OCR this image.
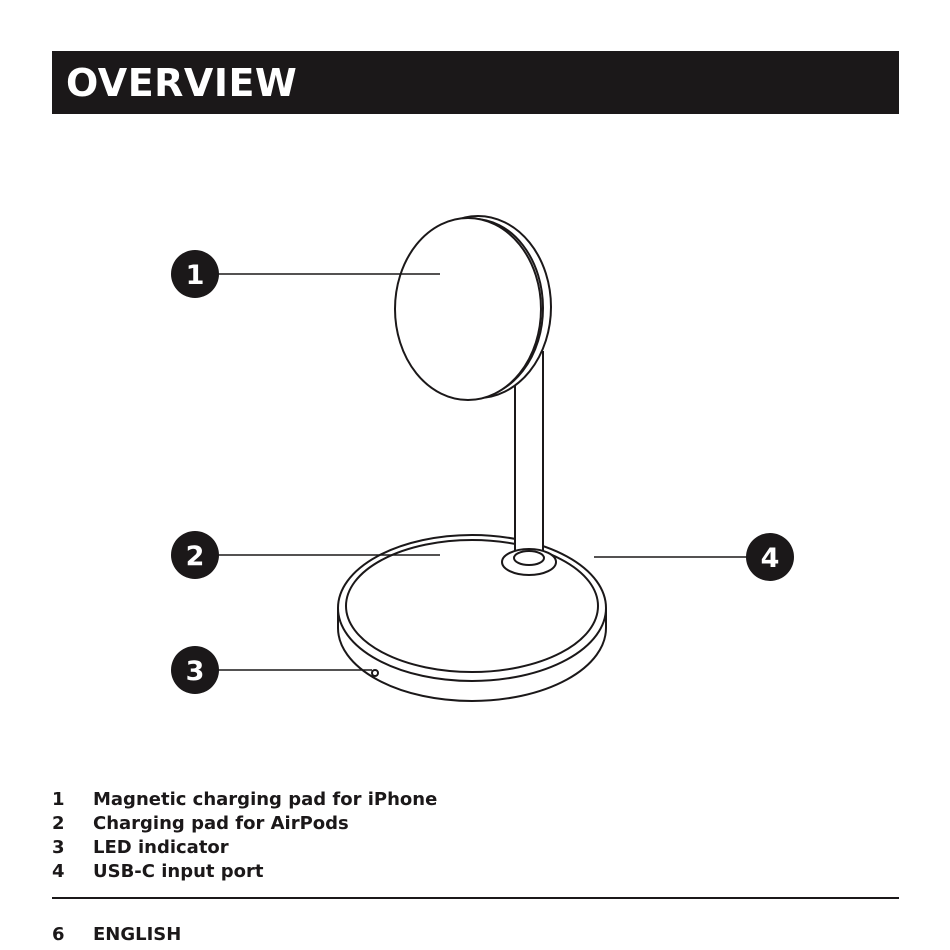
OVERVIEW
1
2
3
4
1	Magnetic charging pad for iPhone
2	Charging pad for AirPods
3	LED indicator
4	USB-C input port
6	ENGLISH
